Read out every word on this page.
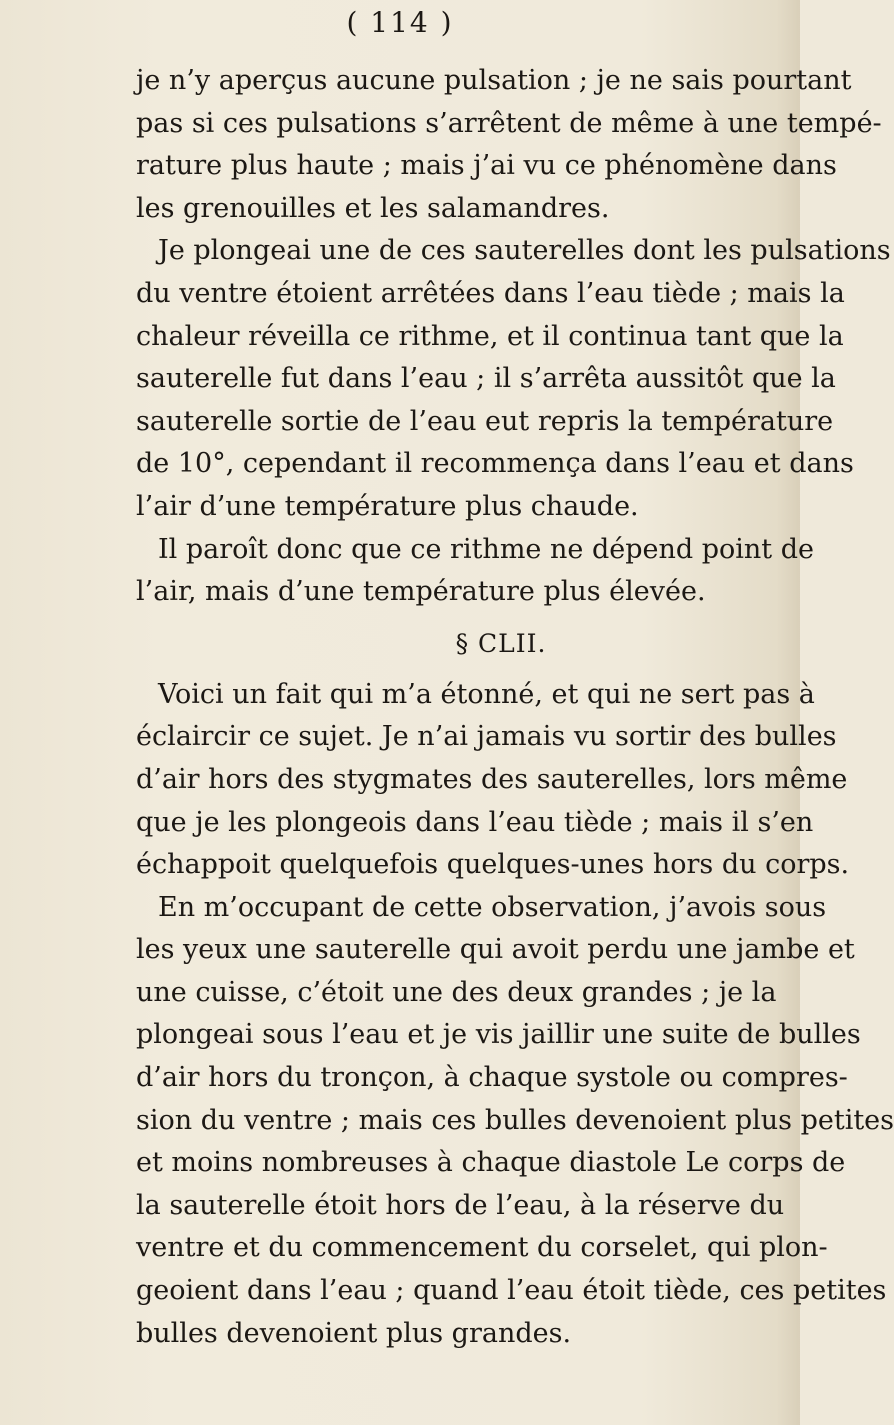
( 114 )
je n’y aperçus aucune pulsation ; je ne sais pourtant
pas si ces pulsations s’arrêtent de même à une tempé-
rature plus haute ; mais j’ai vu ce phénomène dans
les grenouilles et les salamandres.
Je plongeai une de ces sauterelles dont les pulsations
du ventre étoient arrêtées dans l’eau tiède ; mais la
chaleur réveilla ce rithme, et il continua tant que la
sauterelle fut dans l’eau ; il s’arrêta aussitôt que la
sauterelle sortie de l’eau eut repris la température
de 10°, cependant il recommença dans l’eau et dans
l’air d’une température plus chaude.
Il paroît donc que ce rithme ne dépend point de
l’air, mais d’une température plus élevée.
§ CLII.
Voici un fait qui m’a étonné, et qui ne sert pas à
éclaircir ce sujet. Je n’ai jamais vu sortir des bulles
d’air hors des stygmates des sauterelles, lors même
que je les plongeois dans l’eau tiède ; mais il s’en
échappoit quelquefois quelques-unes hors du corps.
En m’occupant de cette observation, j’avois sous
les yeux une sauterelle qui avoit perdu une jambe et
une cuisse, c’étoit une des deux grandes ; je la
plongeai sous l’eau et je vis jaillir une suite de bulles
d’air hors du tronçon, à chaque systole ou compres-
sion du ventre ; mais ces bulles devenoient plus petites
et moins nombreuses à chaque diastole Le corps de
la sauterelle étoit hors de l’eau, à la réserve du
ventre et du commencement du corselet, qui plon-
geoient dans l’eau ; quand l’eau étoit tiède, ces petites
bulles devenoient plus grandes.
